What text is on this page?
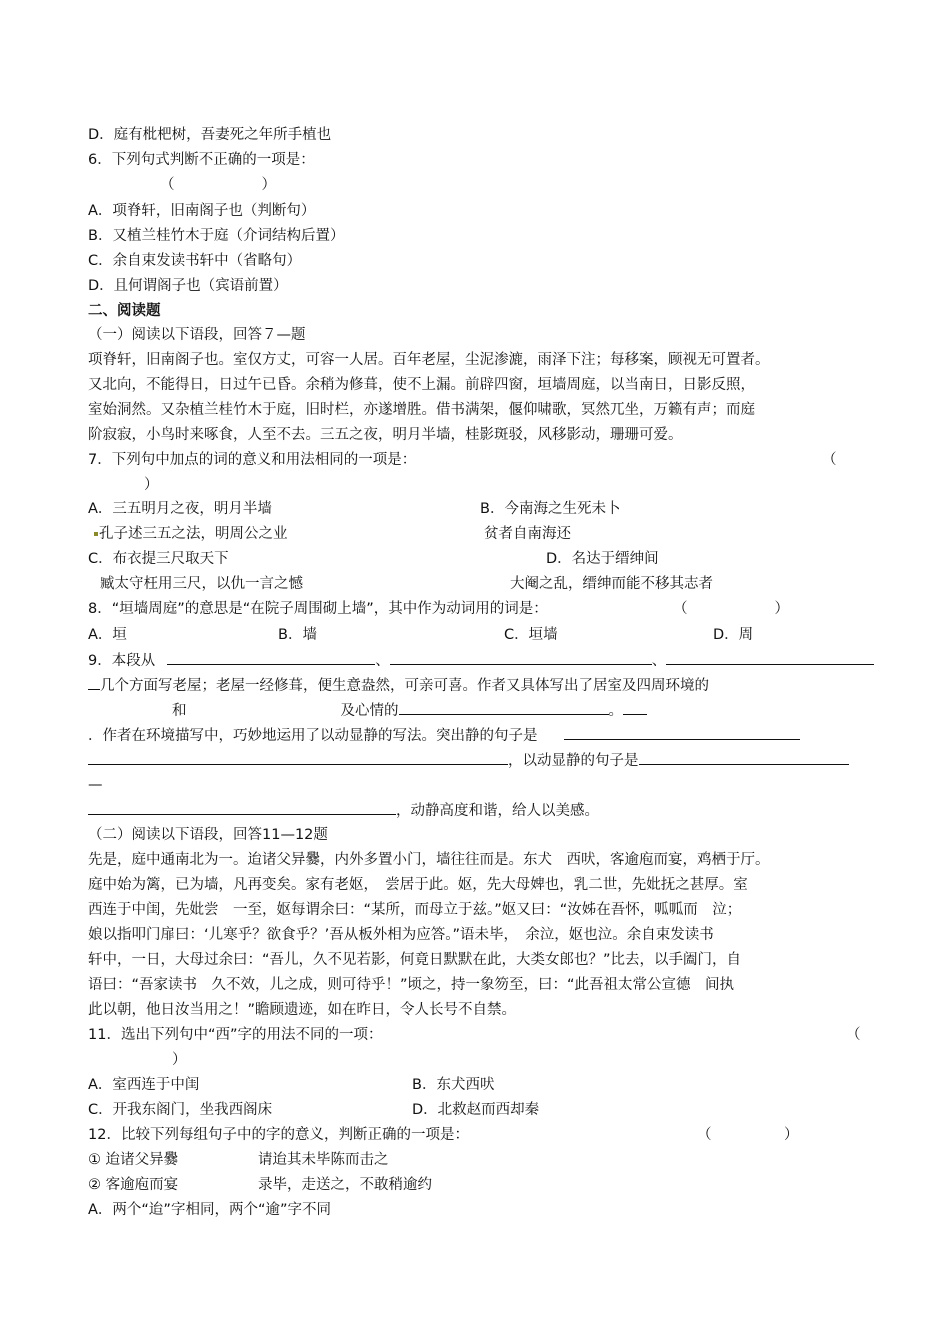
D．庭有枇杷树，吾妻死之年所手植也
6．下列句式判断不正确的一项是：
（　　　　　　）
A．项脊轩，旧南阁子也（判断句）
B．又植兰桂竹木于庭（介词结构后置）
C．余自束发读书轩中（省略句）
D．且何谓阁子也（宾语前置）
二、阅读题
（一）阅读以下语段，回答７—题
项脊轩，旧南阁子也。室仅方丈，可容一人居。百年老屋，尘泥渗漉，雨泽下注；每移案，顾视无可置者。
又北向，不能得日，日过午已昏。余稍为修葺，使不上漏。前辟四窗，垣墙周庭，以当南日，日影反照，
室始洞然。又杂植兰桂竹木于庭，旧时栏，亦遂增胜。借书满架，偃仰啸歌，冥然兀坐，万籁有声；而庭
阶寂寂，小鸟时来啄食，人至不去。三五之夜，明月半墙，桂影斑驳，风移影动，珊珊可爱。
7．下列句中加点的词的意义和用法相同的一项是：	（
）
A．三五明月之夜，明月半墙	B．今南海之生死未卜
孔子述三五之法，明周公之业	贫者自南海还
C．布衣提三尺取天下	D．名达于缙绅间
臧太守枉用三尺，以仇一言之憾	大阉之乱，缙绅而能不移其志者
8．“垣墙周庭”的意思是“在院子周围砌上墙”，其中作为动词用的词是：	（　　　　　　）
A．垣	B．墙	C．垣墙	D．周
9．本段从	、	、
几个方面写老屋；老屋一经修葺，便生意盎然，可亲可喜。作者又具体写出了居室及四周环境的
和	及心情的	。
．作者在环境描写中，巧妙地运用了以动显静的写法。突出静的句子是
，以动显静的句子是
—
，动静高度和谐，给人以美感。
（二）阅读以下语段，回答11—12题
先是，庭中通南北为一。迨诸父异爨，内外多置小门，墙往往而是。东犬　西吠，客逾庖而宴，鸡栖于厅。
庭中始为篱，已为墙，凡再变矣。家有老妪，　尝居于此。妪，先大母婢也，乳二世，先妣抚之甚厚。室
西连于中闺，先妣尝　一至，妪每谓余曰：“某所，而母立于兹。”妪又曰：“汝姊在吾怀，呱呱而　泣；
娘以指叩门扉曰：‘儿寒乎？欲食乎？’吾从板外相为应答。”语未毕，　余泣，妪也泣。余自束发读书
轩中，一日，大母过余曰：“吾儿，久不见若影，何竟日默默在此，大类女郎也？”比去，以手阖门，自
语曰：“吾家读书　久不效，儿之成，则可待乎！”顷之，持一象笏至，曰：“此吾祖太常公宣德　间执
此以朝，他日汝当用之！”瞻顾遗迹，如在昨日，令人长号不自禁。
11．选出下列句中“西”字的用法不同的一项：	（
）
A．室西连于中闺	B．东犬西吠
C．开我东阁门，坐我西阁床	D．北救赵而西却秦
12．比较下列每组句子中的字的意义，判断正确的一项是：	（　　　　　）
① 迨诸父异爨	请迨其未毕陈而击之
② 客逾庖而宴	录毕，走送之，不敢稍逾约
A．两个“迨”字相同，两个“逾”字不同
